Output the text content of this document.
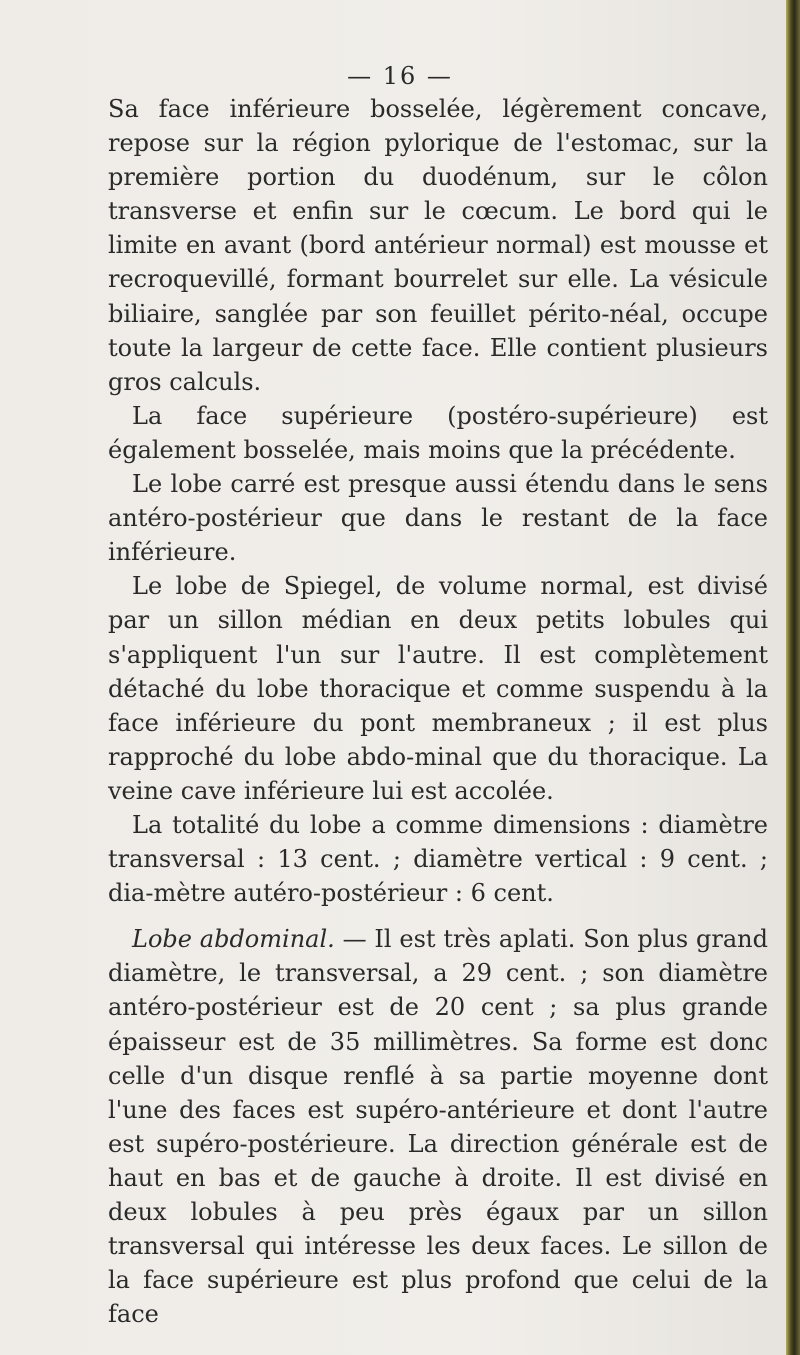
— 16 —

Sa face inférieure bosselée, légèrement concave, repose sur la région pylorique de l'estomac, sur la première portion du duodénum, sur le côlon transverse et enfin sur le cœcum. Le bord qui le limite en avant (bord antérieur normal) est mousse et recroquevillé, formant bourrelet sur elle. La vésicule biliaire, sanglée par son feuillet périto-néal, occupe toute la largeur de cette face. Elle contient plusieurs gros calculs.

La face supérieure (postéro-supérieure) est également bosselée, mais moins que la précédente.

Le lobe carré est presque aussi étendu dans le sens antéro-postérieur que dans le restant de la face inférieure.

Le lobe de Spiegel, de volume normal, est divisé par un sillon médian en deux petits lobules qui s'appliquent l'un sur l'autre. Il est complètement détaché du lobe thoracique et comme suspendu à la face inférieure du pont membraneux ; il est plus rapproché du lobe abdo-minal que du thoracique. La veine cave inférieure lui est accolée.

La totalité du lobe a comme dimensions : diamètre transversal : 13 cent. ; diamètre vertical : 9 cent. ; dia-mètre autéro-postérieur : 6 cent.

Lobe abdominal. — Il est très aplati. Son plus grand diamètre, le transversal, a 29 cent. ; son diamètre antéro-postérieur est de 20 cent ; sa plus grande épaisseur est de 35 millimètres. Sa forme est donc celle d'un disque renflé à sa partie moyenne dont l'une des faces est supéro-antérieure et dont l'autre est supéro-postérieure. La direction générale est de haut en bas et de gauche à droite. Il est divisé en deux lobules à peu près égaux par un sillon transversal qui intéresse les deux faces. Le sillon de la face supérieure est plus profond que celui de la face
